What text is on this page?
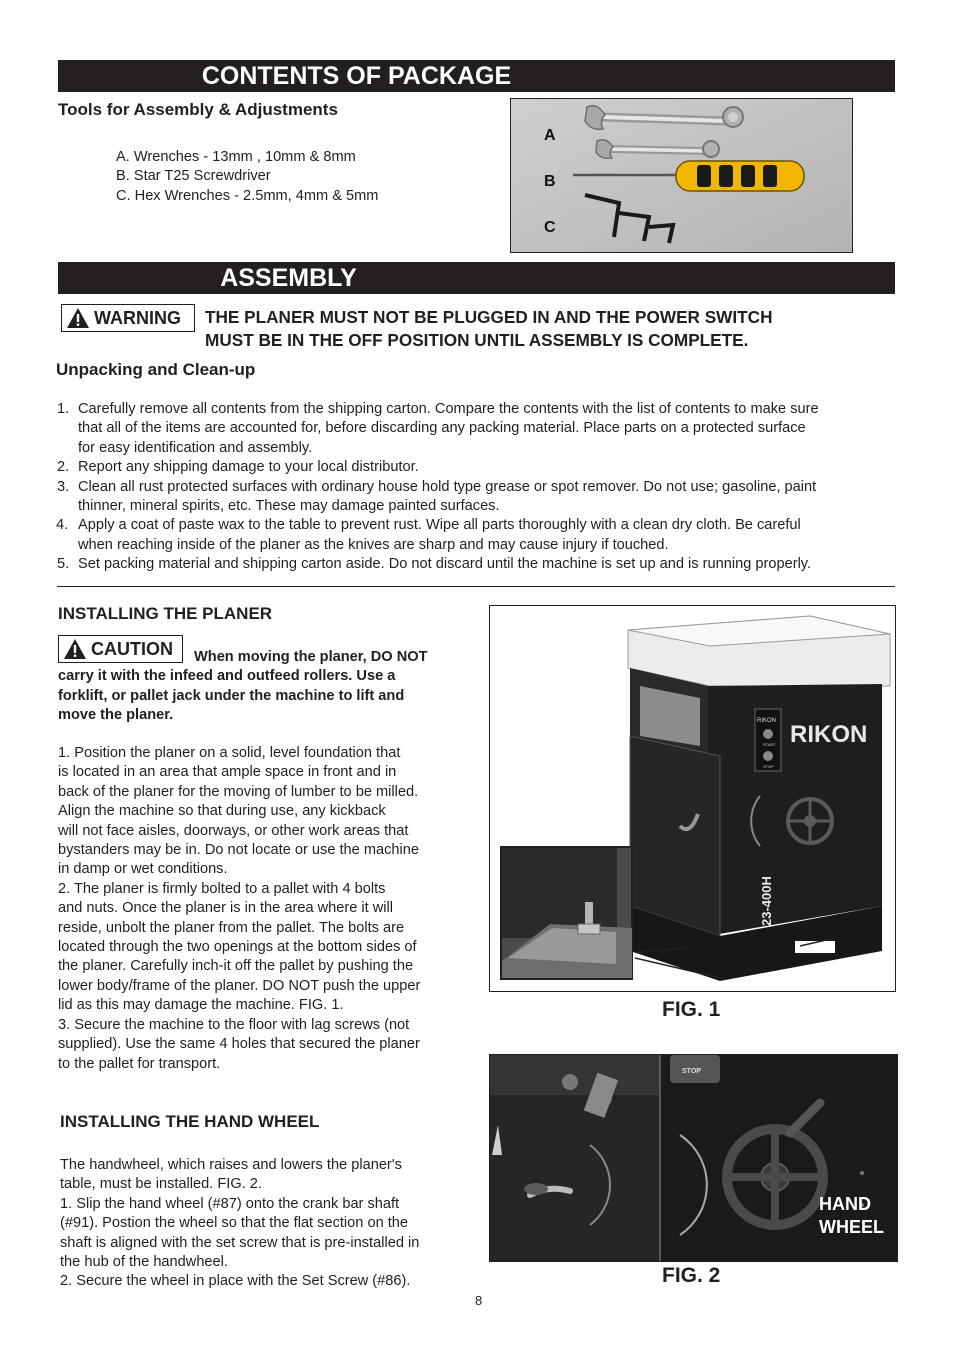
CONTENTS OF PACKAGE
Tools for Assembly & Adjustments
A. Wrenches - 13mm , 10mm & 8mm
B. Star T25 Screwdriver
C. Hex Wrenches - 2.5mm, 4mm & 5mm
A
B
C
ASSEMBLY
WARNING THE PLANER MUST NOT BE PLUGGED IN AND THE POWER SWITCH
MUST BE IN THE OFF POSITION UNTIL ASSEMBLY IS COMPLETE.
Unpacking and Clean-up
1. Carefully remove all contents from the shipping carton. Compare the contents with the list of contents to make sure
that all of the items are accounted for, before discarding any packing material. Place parts on a protected surface
for easy identification and assembly.
2. Report any shipping damage to your local distributor.
3. Clean all rust protected surfaces with ordinary house hold type grease or spot remover. Do not use; gasoline, paint
thinner, mineral spirits, etc. These may damage painted surfaces.
4. Apply a coat of paste wax to the table to prevent rust. Wipe all parts thoroughly with a clean dry cloth. Be careful
when reaching inside of the planer as the knives are sharp and may cause injury if touched.
5. Set packing material and shipping carton aside. Do not discard until the machine is set up and is running properly.
INSTALLING THE PLANER
CAUTION	When moving the planer, DO NOT
carry it with the infeed and outfeed rollers. Use a
forklift, or pallet jack under the machine to lift and
move the planer.
1. Position the planer on a solid, level foundation that
is located in an area that ample space in front and in
back of the planer for the moving of lumber to be milled.
Align the machine so that during use, any kickback
will not face aisles, doorways, or other work areas that
bystanders may be in. Do not locate or use the machine
in damp or wet conditions.
2. The planer is firmly bolted to a pallet with 4 bolts
and nuts. Once the planer is in the area where it will
reside, unbolt the planer from the pallet. The bolts are
located through the two openings at the bottom sides of
the planer. Carefully inch-it off the pallet by pushing the
lower body/frame of the planer. DO NOT push the upper
lid as this may damage the machine. FIG. 1.
3. Secure the machine to the floor with lag screws (not
supplied). Use the same 4 holes that secured the planer
to the pallet for transport.
INSTALLING THE HAND WHEEL
The handwheel, which raises and lowers the planer's
table, must be installed. FIG. 2.
1. Slip the hand wheel (#87) onto the crank bar shaft
(#91). Postion the wheel so that the flat section on the
shaft is aligned with the set screw that is pre-installed in
the hub of the handwheel.
2. Secure the wheel in place with the Set Screw (#86).
RIKON
START
STOP
RIKON
23-400H
FIG. 1
STOP
HAND
WHEEL
FIG. 2
8
